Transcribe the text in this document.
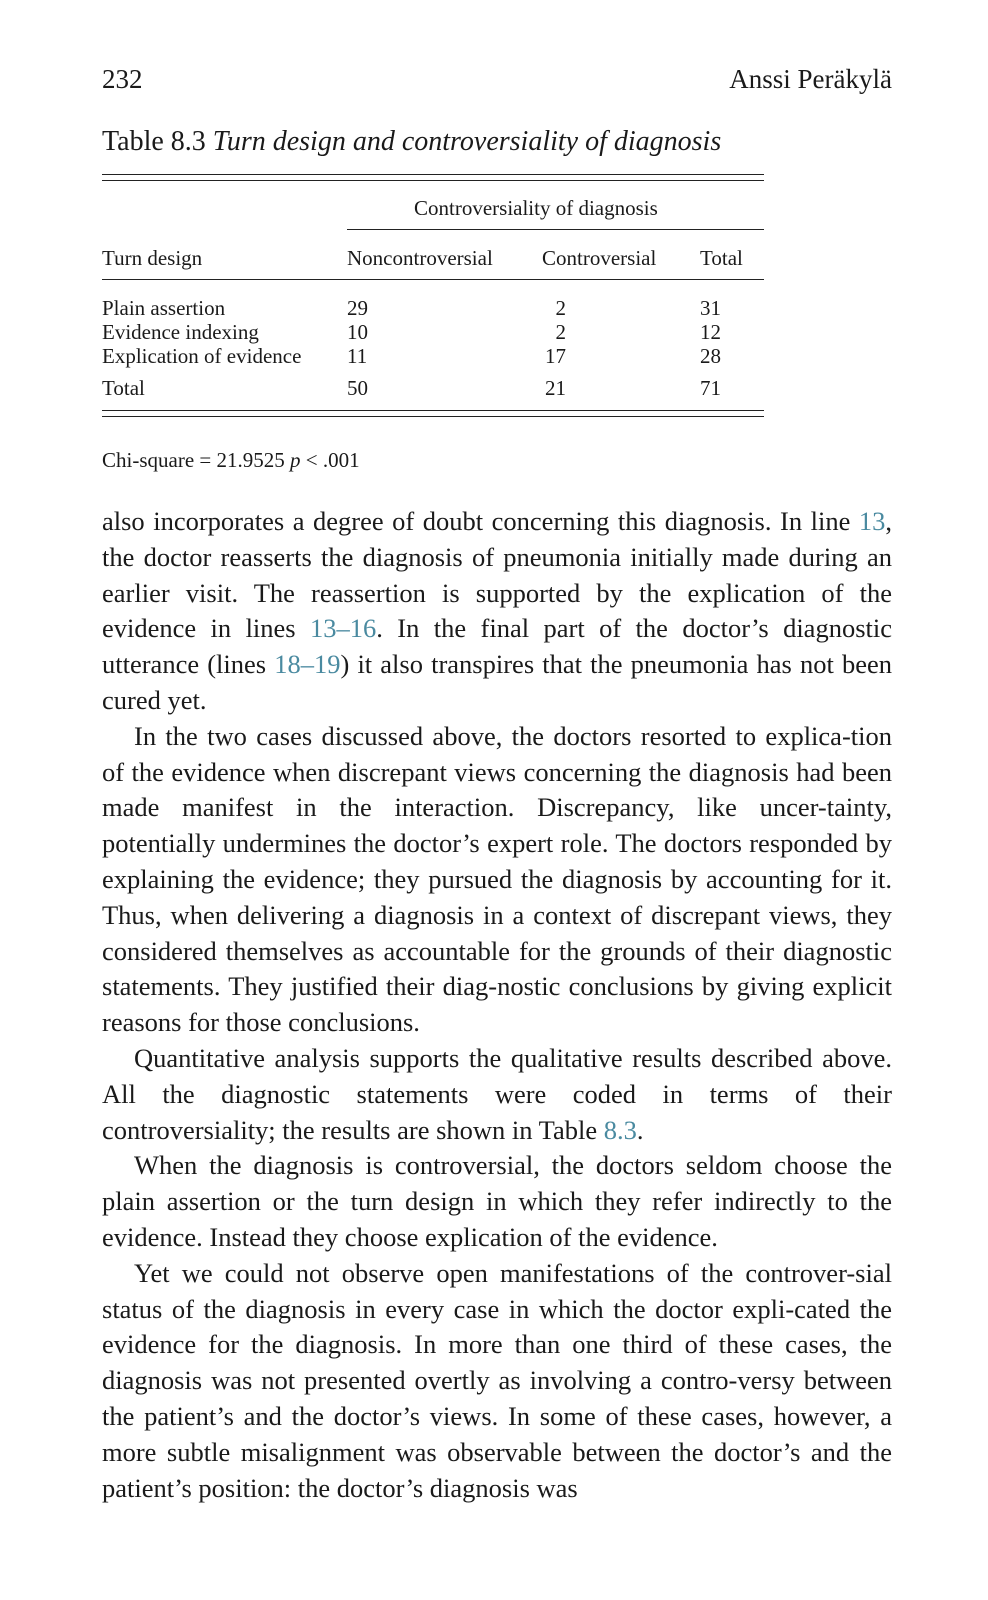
232	Anssi Peräkylä
Table 8.3 Turn design and controversiality of diagnosis
Controversiality of diagnosis
Turn design	Noncontroversial Controversial Total
Plain assertion	29	2	31
Evidence indexing	10	2	12
Explication of evidence 11	17	28
Total	50	21	71
Chi-square = 21.9525 p < .001

also incorporates a degree of doubt concerning this diagnosis. In line 13, the doctor reasserts the diagnosis of pneumonia initially made during an earlier visit. The reassertion is supported by the explication of the evidence in lines 13–16. In the final part of the doctor’s diagnostic utterance (lines 18–19) it also transpires that the pneumonia has not been cured yet.

In the two cases discussed above, the doctors resorted to explica-tion of the evidence when discrepant views concerning the diagnosis had been made manifest in the interaction. Discrepancy, like uncer-tainty, potentially undermines the doctor’s expert role. The doctors responded by explaining the evidence; they pursued the diagnosis by accounting for it. Thus, when delivering a diagnosis in a context of discrepant views, they considered themselves as accountable for the grounds of their diagnostic statements. They justified their diag-nostic conclusions by giving explicit reasons for those conclusions.

Quantitative analysis supports the qualitative results described above. All the diagnostic statements were coded in terms of their controversiality; the results are shown in Table 8.3.

When the diagnosis is controversial, the doctors seldom choose the plain assertion or the turn design in which they refer indirectly to the evidence. Instead they choose explication of the evidence.

Yet we could not observe open manifestations of the controver-sial status of the diagnosis in every case in which the doctor expli-cated the evidence for the diagnosis. In more than one third of these cases, the diagnosis was not presented overtly as involving a contro-versy between the patient’s and the doctor’s views. In some of these cases, however, a more subtle misalignment was observable between the doctor’s and the patient’s position: the doctor’s diagnosis was
